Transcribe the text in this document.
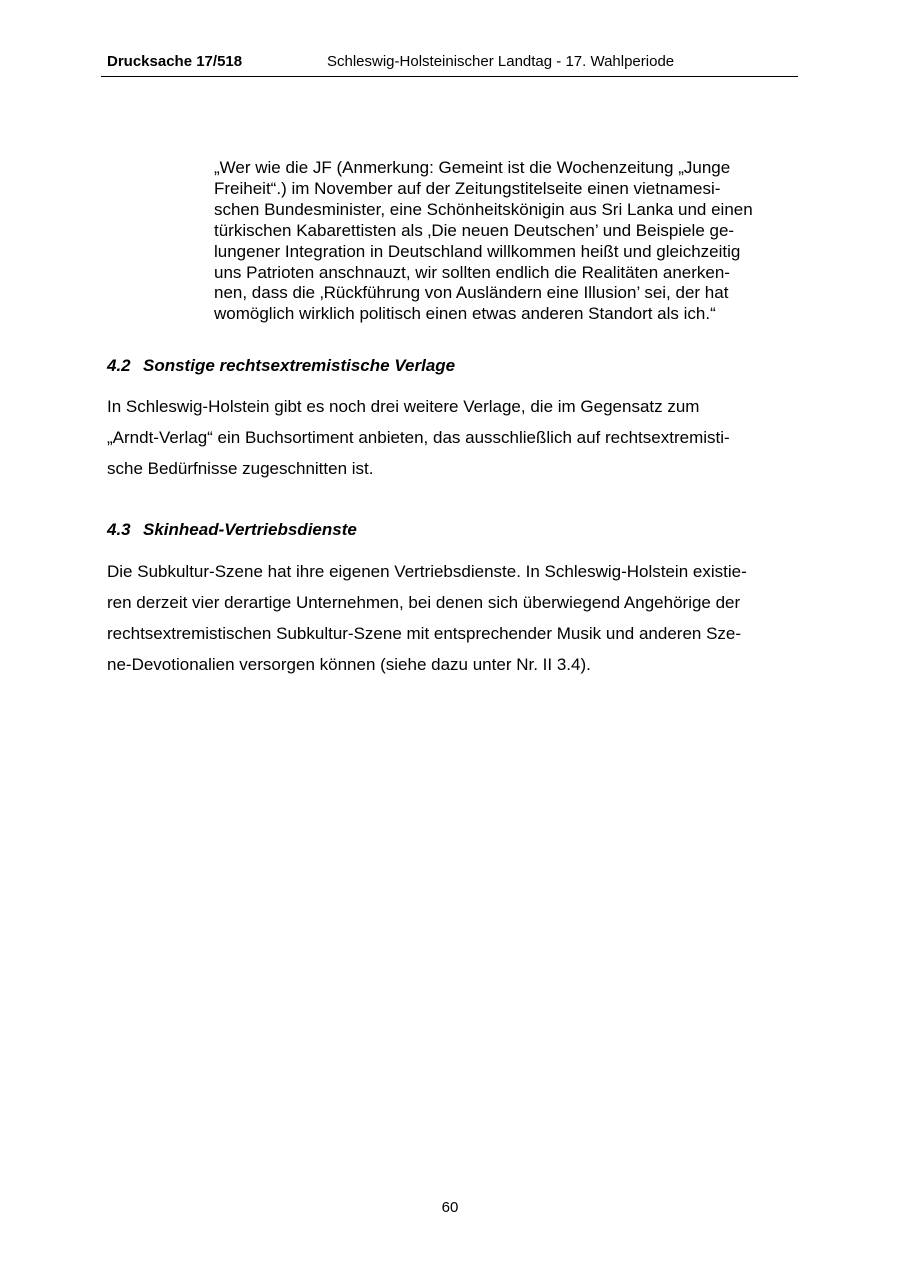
Drucksache 17/518	Schleswig-Holsteinischer Landtag - 17. Wahlperiode
„Wer wie die JF (Anmerkung: Gemeint ist die Wochenzeitung „Junge
Freiheit“.) im November auf der Zeitungstitelseite einen vietnamesi-
schen Bundesminister, eine Schönheitskönigin aus Sri Lanka und einen
türkischen Kabarettisten als ‚Die neuen Deutschen’ und Beispiele ge-
lungener Integration in Deutschland willkommen heißt und gleichzeitig
uns Patrioten anschnauzt, wir sollten endlich die Realitäten anerken-
nen, dass die ‚Rückführung von Ausländern eine Illusion’ sei, der hat
womöglich wirklich politisch einen etwas anderen Standort als ich.“
4.2 Sonstige rechtsextremistische Verlage
In Schleswig-Holstein gibt es noch drei weitere Verlage, die im Gegensatz zum
„Arndt-Verlag“ ein Buchsortiment anbieten, das ausschließlich auf rechtsextremisti-
sche Bedürfnisse zugeschnitten ist.
4.3 Skinhead-Vertriebsdienste
Die Subkultur-Szene hat ihre eigenen Vertriebsdienste. In Schleswig-Holstein existie-
ren derzeit vier derartige Unternehmen, bei denen sich überwiegend Angehörige der
rechtsextremistischen Subkultur-Szene mit entsprechender Musik und anderen Sze-
ne-Devotionalien versorgen können (siehe dazu unter Nr. II 3.4).
60
